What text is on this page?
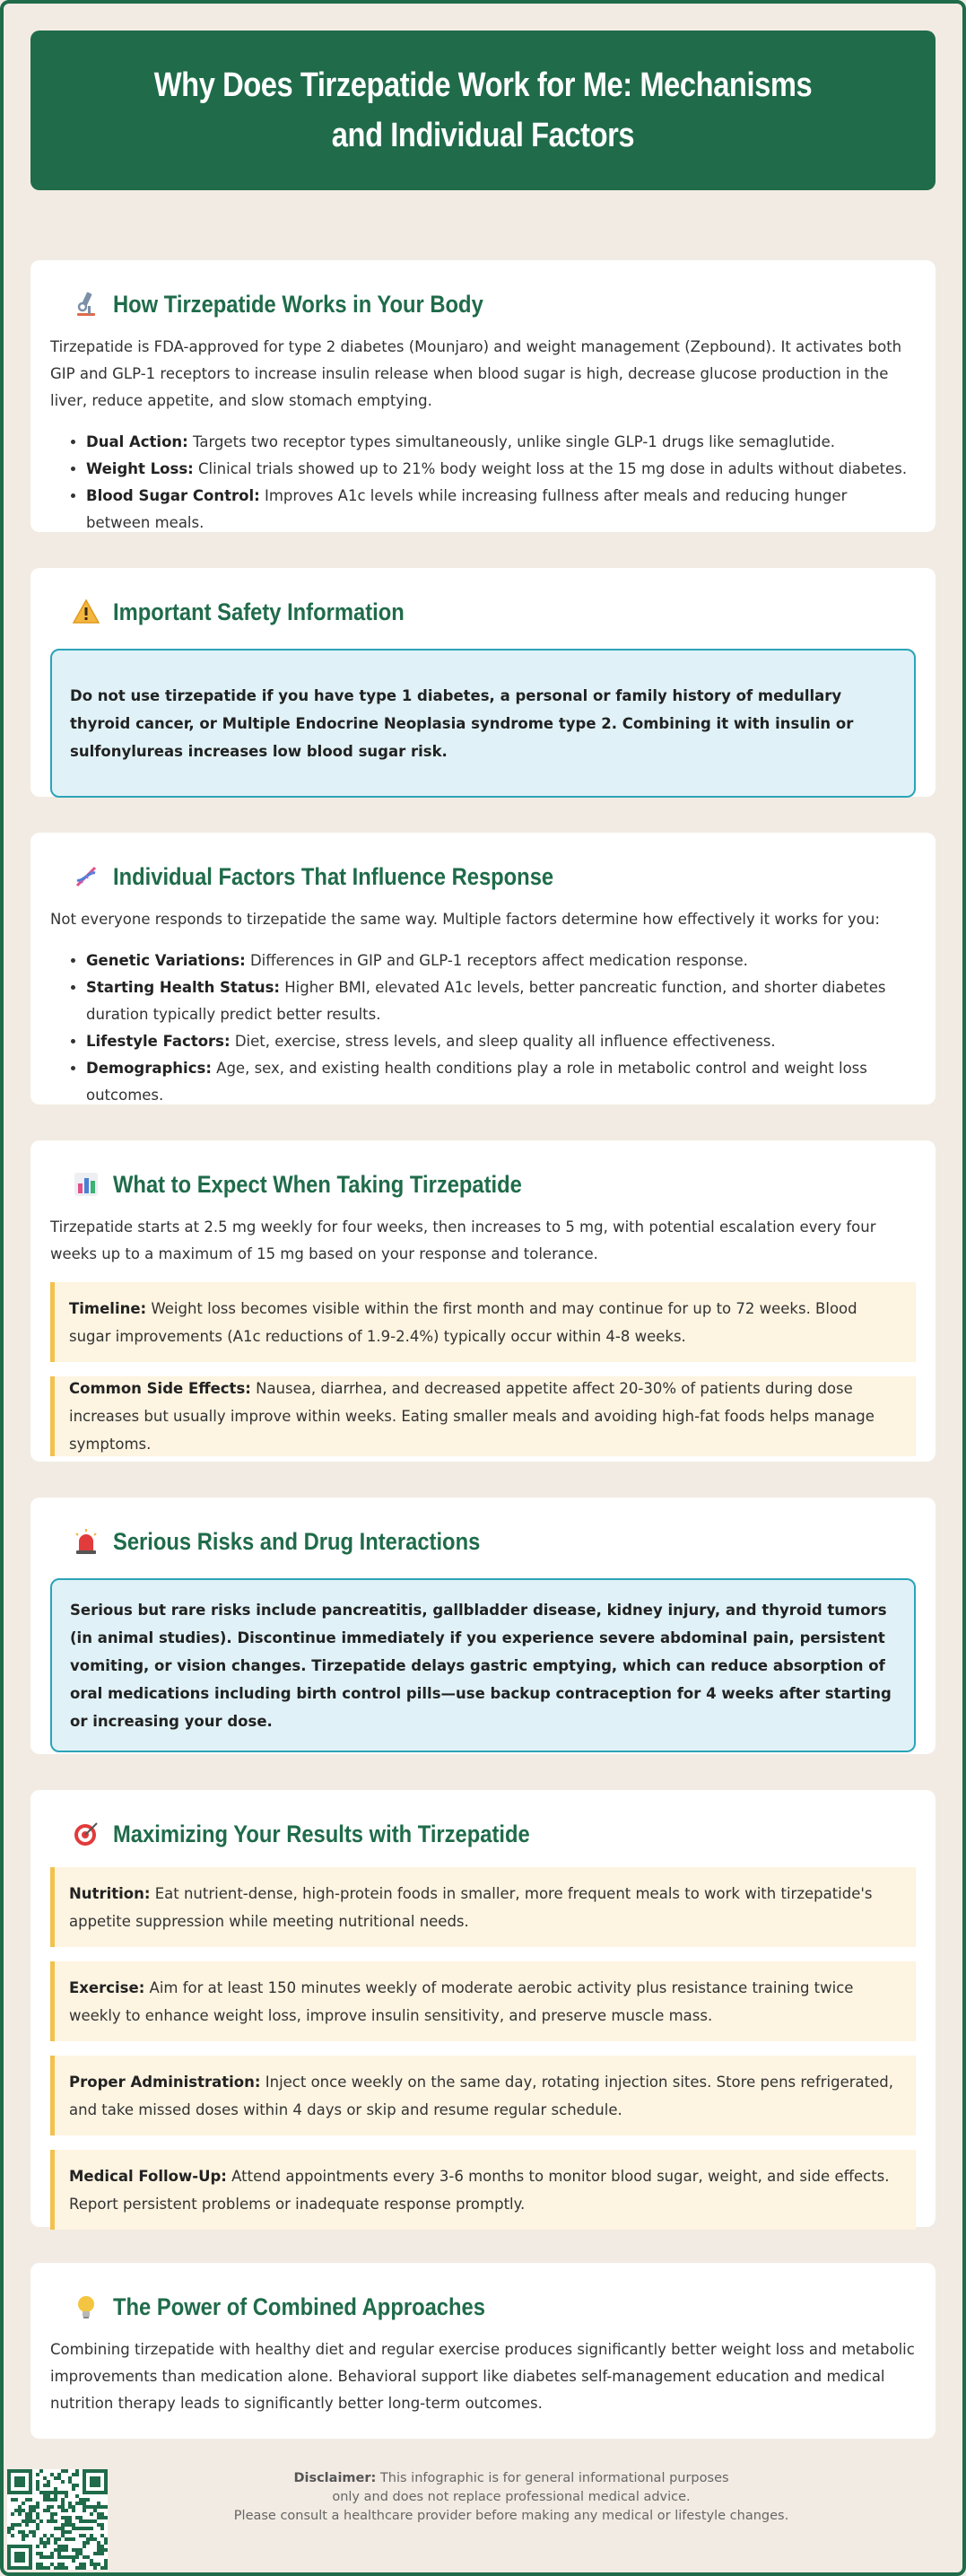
Why Does Tirzepatide Work for Me: Mechanisms and Individual Factors
How Tirzepatide Works in Your Body

Tirzepatide is FDA-approved for type 2 diabetes (Mounjaro) and weight management (Zepbound). It activates both GIP and GLP-1 receptors to increase insulin release when blood sugar is high, decrease glucose production in the liver, reduce appetite, and slow stomach emptying.

• Dual Action: Targets two receptor types simultaneously, unlike single GLP-1 drugs like semaglutide.
• Weight Loss: Clinical trials showed up to 21% body weight loss at the 15 mg dose in adults without diabetes.
• Blood Sugar Control: Improves A1c levels while increasing fullness after meals and reducing hunger between meals.
Important Safety Information

Do not use tirzepatide if you have type 1 diabetes, a personal or family history of medullary thyroid cancer, or Multiple Endocrine Neoplasia syndrome type 2. Combining it with insulin or sulfonylureas increases low blood sugar risk.

Individual Factors That Influence Response

Not everyone responds to tirzepatide the same way. Multiple factors determine how effectively it works for you:

• Genetic Variations: Differences in GIP and GLP-1 receptors affect medication response.
• Starting Health Status: Higher BMI, elevated A1c levels, better pancreatic function, and shorter diabetes duration typically predict better results.
• Lifestyle Factors: Diet, exercise, stress levels, and sleep quality all influence effectiveness.
• Demographics: Age, sex, and existing health conditions play a role in metabolic control and weight loss outcomes.
What to Expect When Taking Tirzepatide

Tirzepatide starts at 2.5 mg weekly for four weeks, then increases to 5 mg, with potential escalation every four weeks up to a maximum of 15 mg based on your response and tolerance.

Timeline: Weight loss becomes visible within the first month and may continue for up to 72 weeks. Blood sugar improvements (A1c reductions of 1.9-2.4%) typically occur within 4-8 weeks.

Common Side Effects: Nausea, diarrhea, and decreased appetite affect 20-30% of patients during dose increases but usually improve within weeks. Eating smaller meals and avoiding high-fat foods helps manage symptoms.

Serious Risks and Drug Interactions

Serious but rare risks include pancreatitis, gallbladder disease, kidney injury, and thyroid tumors (in animal studies). Discontinue immediately if you experience severe abdominal pain, persistent vomiting, or vision changes. Tirzepatide delays gastric emptying, which can reduce absorption of oral medications including birth control pills—use backup contraception for 4 weeks after starting or increasing your dose.

Maximizing Your Results with Tirzepatide

Nutrition: Eat nutrient-dense, high-protein foods in smaller, more frequent meals to work with tirzepatide's appetite suppression while meeting nutritional needs.

Exercise: Aim for at least 150 minutes weekly of moderate aerobic activity plus resistance training twice weekly to enhance weight loss, improve insulin sensitivity, and preserve muscle mass.

Proper Administration: Inject once weekly on the same day, rotating injection sites. Store pens refrigerated, and take missed doses within 4 days or skip and resume regular schedule.

Medical Follow-Up: Attend appointments every 3-6 months to monitor blood sugar, weight, and side effects. Report persistent problems or inadequate response promptly.

The Power of Combined Approaches

Combining tirzepatide with healthy diet and regular exercise produces significantly better weight loss and metabolic improvements than medication alone. Behavioral support like diabetes self-management education and medical nutrition therapy leads to significantly better long-term outcomes.

Disclaimer: This infographic is for general informational purposes
only and does not replace professional medical advice.
Please consult a healthcare provider before making any medical or lifestyle changes.
